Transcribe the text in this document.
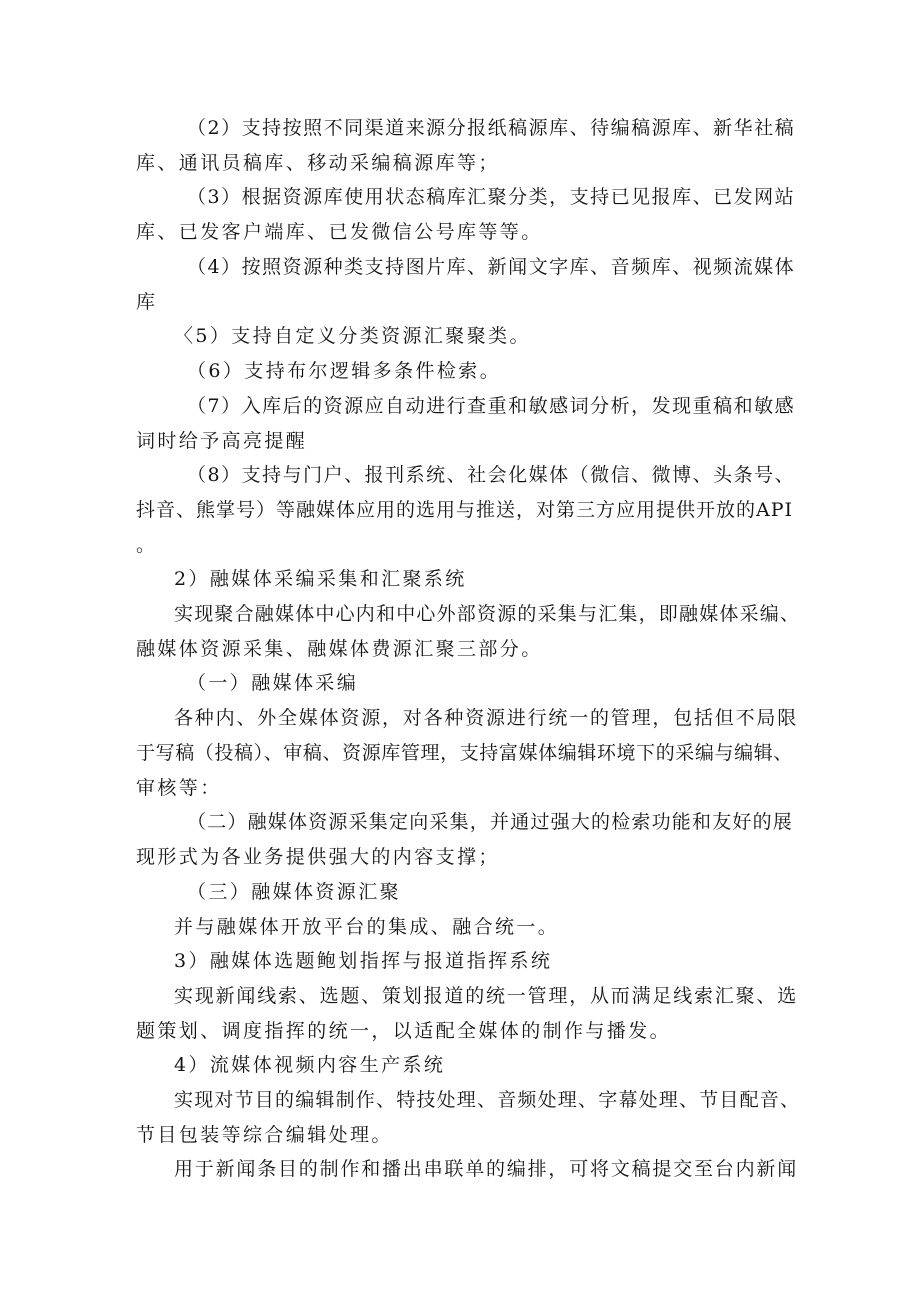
（2）支持按照不同渠道来源分报纸稿源库、待编稿源库、新华社稿
库、通讯员稿库、移动采编稿源库等；
（3）根据资源库使用状态稿库汇聚分类，支持已见报库、已发网站
库、已发客户端库、已发微信公号库等等。
（4）按照资源种类支持图片库、新闻文字库、音频库、视频流媒体
库
〈5）支持自定义分类资源汇聚聚类。
（6）支持布尔逻辑多条件检索。
（7）入库后的资源应自动进行查重和敏感词分析，发现重稿和敏感
词时给予高亮提醒
（8）支持与门户、报刊系统、社会化媒体（微信、微博、头条号、
抖音、熊掌号）等融媒体应用的选用与推送，对第三方应用提供开放的API
。
2）融媒体采编采集和汇聚系统
实现聚合融媒体中心内和中心外部资源的采集与汇集，即融媒体采编、
融媒体资源采集、融媒体费源汇聚三部分。
（一）融媒体采编
各种内、外全媒体资源，对各种资源进行统一的管理，包括但不局限
于写稿（投稿）、审稿、资源库管理，支持富媒体编辑环境下的采编与编辑、
审核等：
（二）融媒体资源采集定向采集，并通过强大的检索功能和友好的展
现形式为各业务提供强大的内容支撑；
（三）融媒体资源汇聚
并与融媒体开放平台的集成、融合统一。
3）融媒体选题鲍划指挥与报道指挥系统
实现新闻线索、选题、策划报道的统一管理，从而满足线索汇聚、选
题策划、调度指挥的统一，以适配全媒体的制作与播发。
4）流媒体视频内容生产系统
实现对节目的编辑制作、特技处理、音频处理、字幕处理、节目配音、
节目包装等综合编辑处理。
用于新闻条目的制作和播出串联单的编排，可将文稿提交至台内新闻
